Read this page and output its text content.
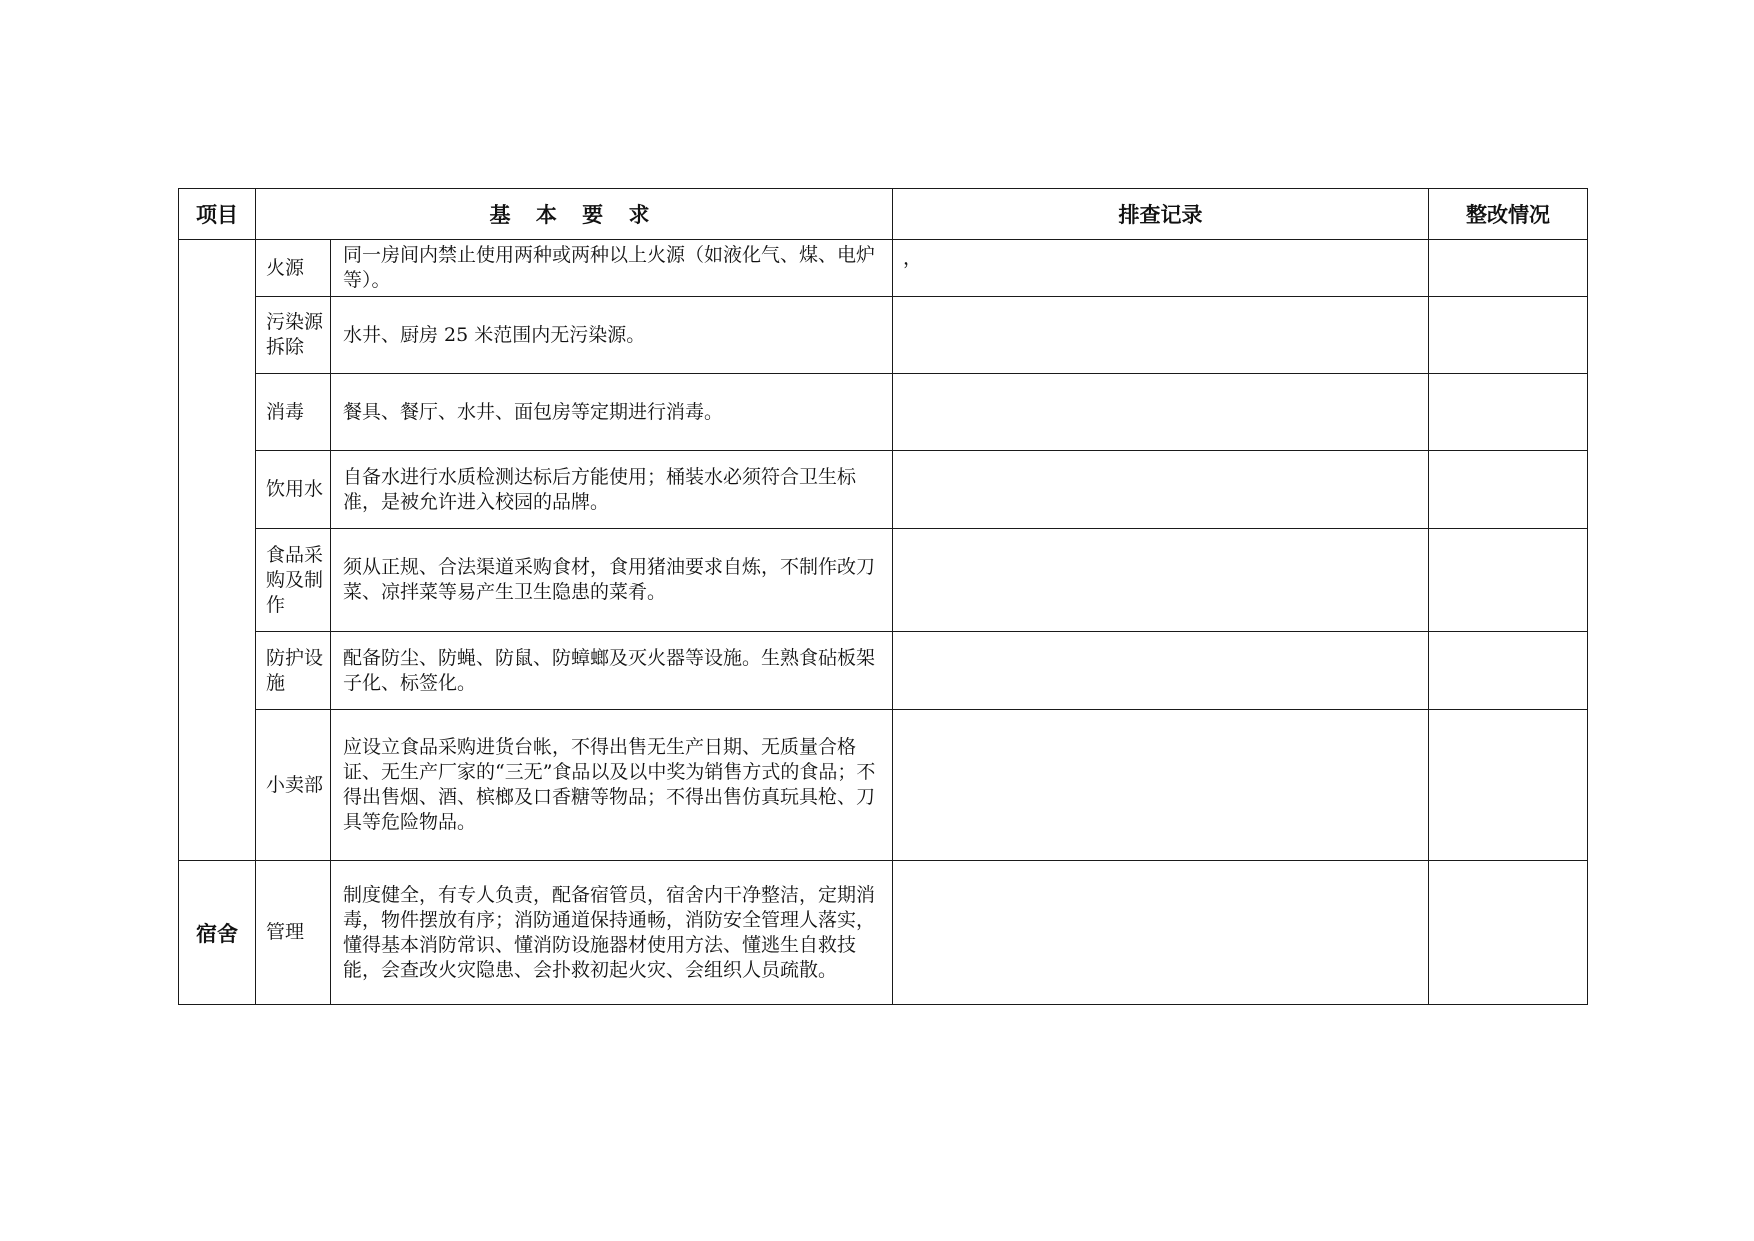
项目	基 本 要 求		排查记录	整改情况
	火源	同一房间内禁止使用两种或两种以上火源（如液化气、煤、电炉等）。	，	
	污染源拆除	水井、厨房 25 米范围内无污染源。		
	消毒	餐具、餐厅、水井、面包房等定期进行消毒。		
	饮用水	自备水进行水质检测达标后方能使用；桶装水必须符合卫生标准，是被允许进入校园的品牌。		
	食品采购及制作	须从正规、合法渠道采购食材，食用猪油要求自炼，不制作改刀菜、凉拌菜等易产生卫生隐患的菜肴。		
	防护设施	配备防尘、防蝇、防鼠、防蟑螂及灭火器等设施。生熟食砧板架子化、标签化。		
	小卖部	应设立食品采购进货台帐，不得出售无生产日期、无质量合格证、无生产厂家的“三无”食品以及以中奖为销售方式的食品；不得出售烟、酒、槟榔及口香糖等物品；不得出售仿真玩具枪、刀具等危险物品。		
宿舍	管理	制度健全，有专人负责，配备宿管员，宿舍内干净整洁，定期消毒，物件摆放有序；消防通道保持通畅，消防安全管理人落实，懂得基本消防常识、懂消防设施器材使用方法、懂逃生自救技能，会查改火灾隐患、会扑救初起火灾、会组织人员疏散。		
